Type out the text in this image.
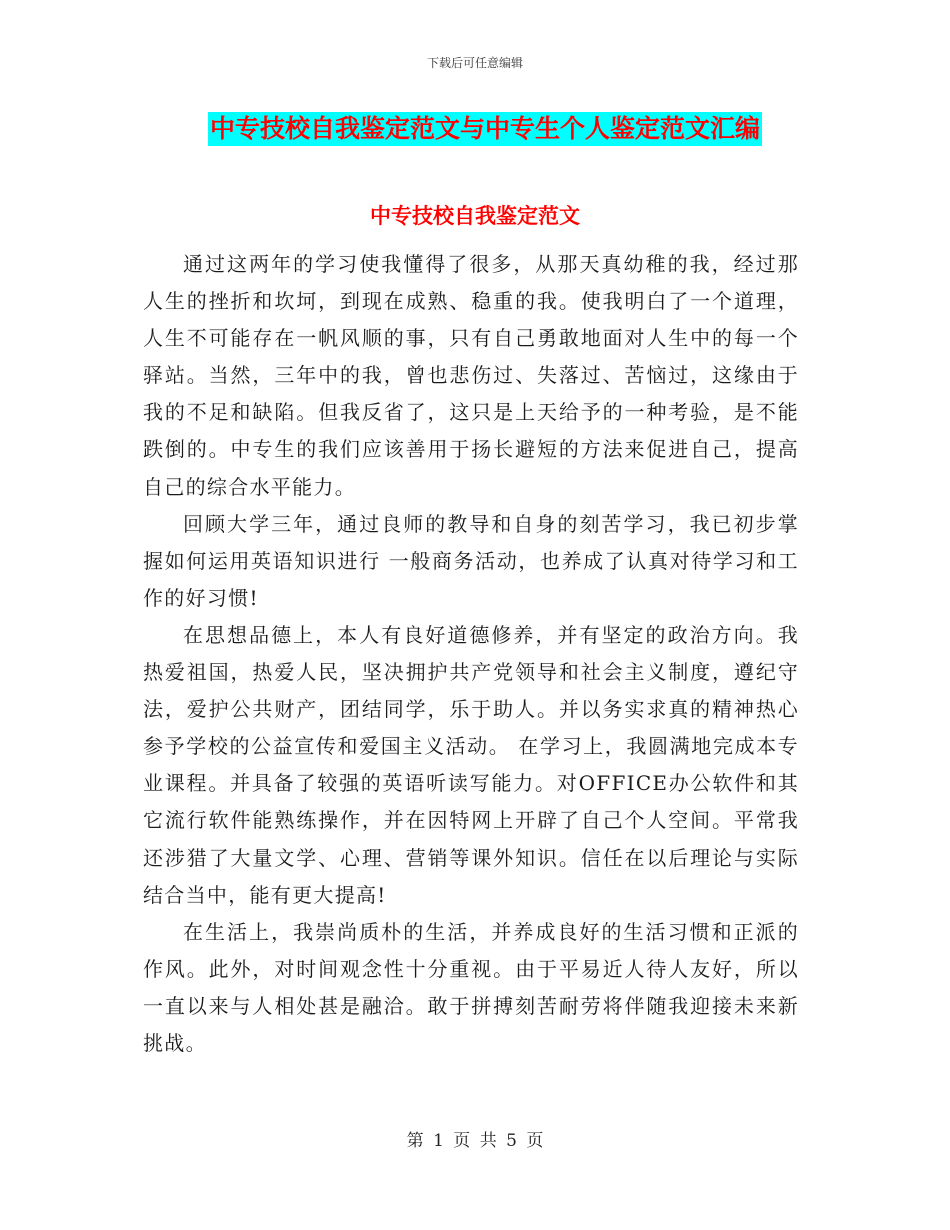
下载后可任意编辑
中专技校自我鉴定范文与中专生个人鉴定范文汇编
中专技校自我鉴定范文

通过这两年的学习使我懂得了很多，从那天真幼稚的我，经过那人生的挫折和坎坷，到现在成熟、稳重的我。使我明白了一个道理，人生不可能存在一帆风顺的事，只有自己勇敢地面对人生中的每一个驿站。当然，三年中的我，曾也悲伤过、失落过、苦恼过，这缘由于我的不足和缺陷。但我反省了，这只是上天给予的一种考验，是不能跌倒的。中专生的我们应该善用于扬长避短的方法来促进自己，提高自己的综合水平能力。

回顾大学三年，通过良师的教导和自身的刻苦学习，我已初步掌握如何运用英语知识进行 一般商务活动，也养成了认真对待学习和工作的好习惯!

在思想品德上，本人有良好道德修养，并有坚定的政治方向。我热爱祖国，热爱人民，坚决拥护共产党领导和社会主义制度，遵纪守法，爱护公共财产，团结同学，乐于助人。并以务实求真的精神热心参予学校的公益宣传和爱国主义活动。 在学习上，我圆满地完成本专业课程。并具备了较强的英语听读写能力。对OFFICE办公软件和其它流行软件能熟练操作，并在因特网上开辟了自己个人空间。平常我还涉猎了大量文学、心理、营销等课外知识。信任在以后理论与实际结合当中，能有更大提高!

在生活上，我崇尚质朴的生活，并养成良好的生活习惯和正派的作风。此外，对时间观念性十分重视。由于平易近人待人友好，所以一直以来与人相处甚是融洽。敢于拼搏刻苦耐劳将伴随我迎接未来新挑战。

第 1 页 共 5 页
